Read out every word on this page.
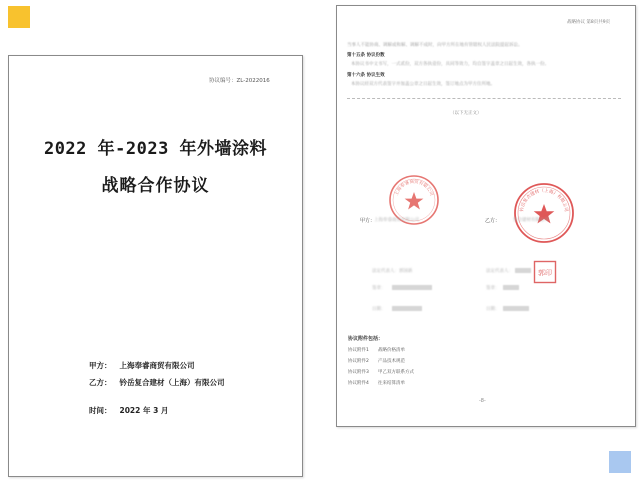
协议编号：ZL-2022016
2022 年-2023 年外墙涂料
战略合作协议
甲方： 上海奉睿商贸有限公司
乙方： 钤岳复合建材（上海）有限公司
时间： 2022 年 3 月
战略协议 第8页共9页
当事人不能协商、调解或和解、调解不成时，向甲方所在地有管辖权人民法院提起诉讼。
第十五条 协议份数
本协议书中文书写，一式贰份，双方各执壹份，具同等效力，均自签字盖章之日起生效，各执一份。
第十六条 协议生效
本协议经双方代表签字并加盖公章之日起生效，签订地点为甲方住所地。
（以下无正文）
上海奉睿商贸有限公司
钤岳复合建材（上海）有限公司
甲方：
上海奉睿商贸有限公司	乙方：	复合建材有限公司
法定代表人：郭国新
签章：
日期：
法定代表人：
签章：
日期：
郭印
协议附件包括：
协议附件1 战略价格清单
协议附件2 产品技术规范
协议附件3 甲乙双方联系方式
协议附件4 往来结算清单
-8-
